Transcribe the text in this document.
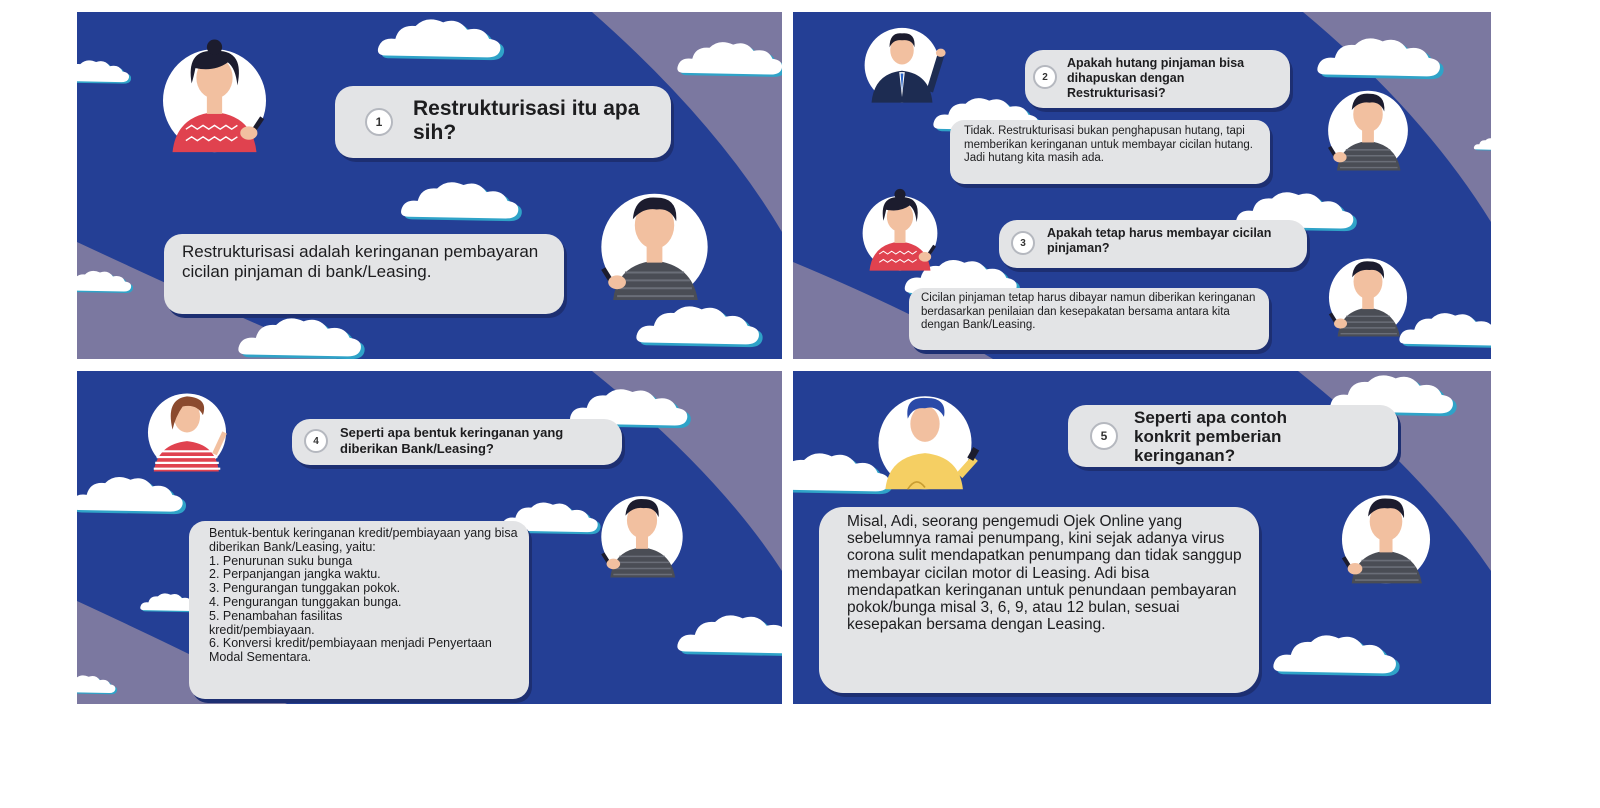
1
Restrukturisasi itu apa sih?
Restrukturisasi adalah keringanan pembayaran cicilan pinjaman di bank/Leasing.
2
Apakah hutang pinjaman bisa dihapuskan dengan Restrukturisasi?
Tidak. Restrukturisasi bukan penghapusan hutang, tapi memberikan keringanan untuk membayar cicilan hutang. Jadi hutang kita masih ada.
3
Apakah tetap harus membayar cicilan pinjaman?
Cicilan pinjaman tetap harus dibayar namun diberikan keringanan berdasarkan penilaian dan kesepakatan bersama antara kita dengan Bank/Leasing.
4
Seperti apa bentuk keringanan yang diberikan Bank/Leasing?
Bentuk-bentuk keringanan kredit/pembiayaan yang bisa diberikan Bank/Leasing, yaitu:
1. Penurunan suku bunga
2. Perpanjangan jangka waktu.
3. Pengurangan tunggakan pokok.
4. Pengurangan tunggakan bunga.
5. Penambahan fasilitas kredit/pembiayaan.
6. Konversi kredit/pembiayaan menjadi Penyertaan Modal Sementara.
5
Seperti apa contoh konkrit pemberian keringanan?
Misal, Adi, seorang pengemudi Ojek Online yang sebelumnya ramai penumpang, kini sejak adanya virus corona sulit mendapatkan penumpang dan tidak sanggup membayar cicilan motor di Leasing. Adi bisa mendapatkan keringanan untuk penundaan pembayaran pokok/bunga misal 3, 6, 9, atau 12 bulan, sesuai kesepakan bersama dengan Leasing.
